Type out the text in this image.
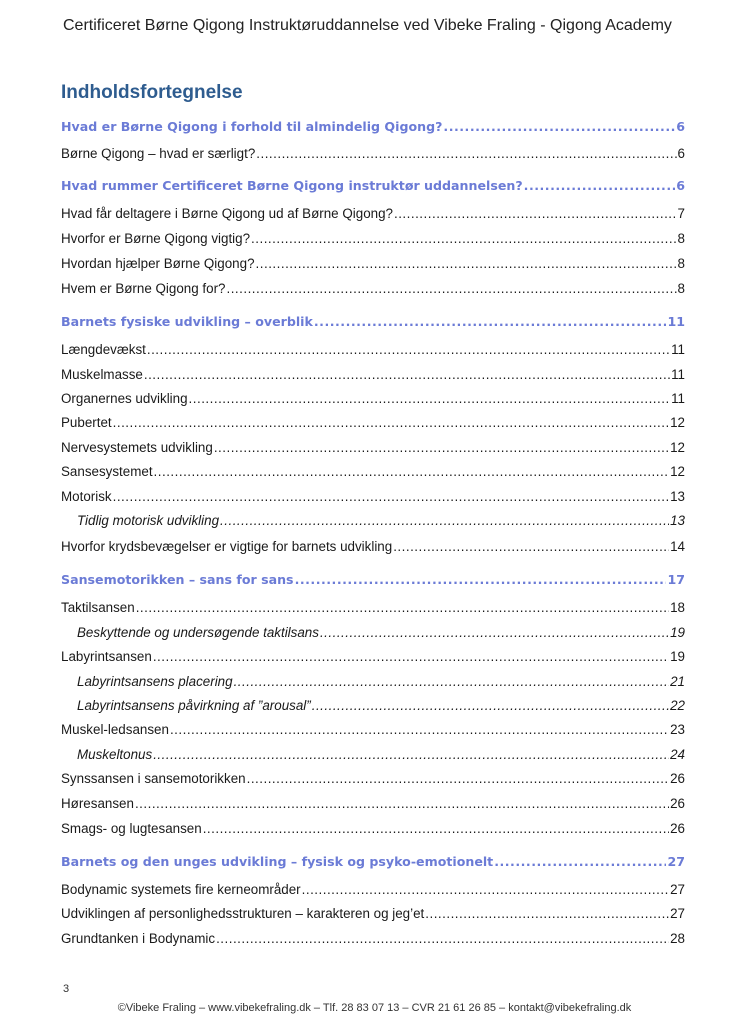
Certificeret Børne Qigong Instruktøruddannelse ved Vibeke Fraling - Qigong Academy
Indholdsfortegnelse
Hvad er Børne Qigong i forhold til almindelig Qigong? .....	6
Børne Qigong – hvad er særligt? .....	6
Hvad rummer Certificeret Børne Qigong instruktør uddannelsen? .....	6
Hvad får deltagere i Børne Qigong ud af Børne Qigong? .....	7
Hvorfor er Børne Qigong vigtig? .....	8
Hvordan hjælper Børne Qigong? .....	8
Hvem er Børne Qigong for? .....	8
Barnets fysiske udvikling – overblik .....	11
Længdevækst .....	11
Muskelmasse .....	11
Organernes udvikling .....	11
Pubertet .....	12
Nervesystemets udvikling .....	12
Sansesystemet .....	12
Motorisk .....	13
Tidlig motorisk udvikling .....	13
Hvorfor krydsbevægelser er vigtige for barnets udvikling .....	14
Sansemotorikken – sans for sans .....	17
Taktilsansen .....	18
Beskyttende og undersøgende taktilsans .....	19
Labyrintsansen .....	19
Labyrintsansens placering .....	21
Labyrintsansens påvirkning af ”arousal” .....	22
Muskel-ledsansen .....	23
Muskeltonus .....	24
Synssansen i sansemotorikken .....	26
Høresansen .....	26
Smags- og lugtesansen .....	26
Barnets og den unges udvikling – fysisk og psyko-emotionelt .....	27
Bodynamic systemets fire kerneområder .....	27
Udviklingen af personlighedsstrukturen – karakteren og jeg’et .....	27
Grundtanken i Bodynamic .....	28
3
©Vibeke Fraling – www.vibekefraling.dk – Tlf. 28 83 07 13 – CVR 21 61 26 85 – kontakt@vibekefraling.dk
